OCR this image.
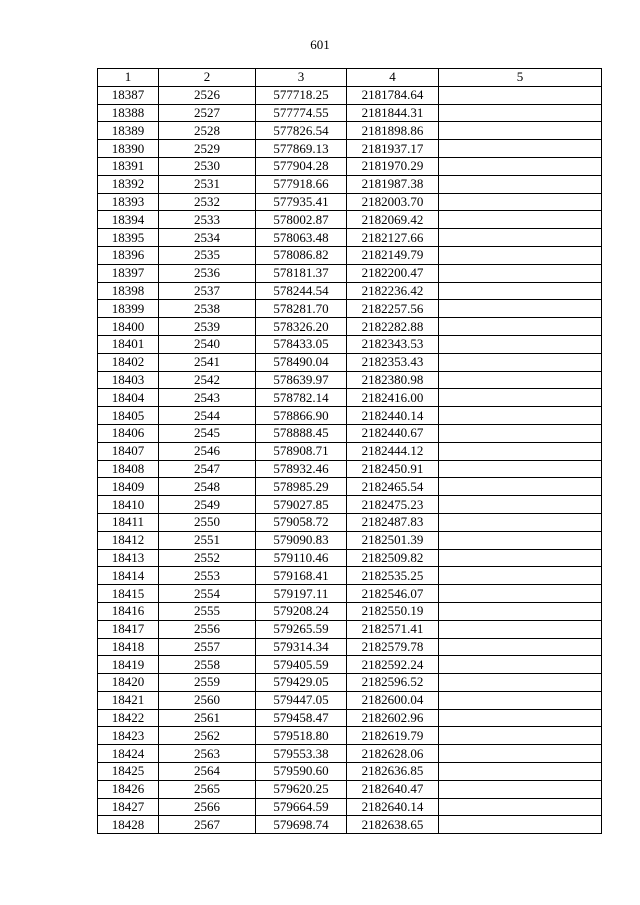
601
1	2	3	4	5
18387	2526	577718.25	2181784.64	
18388	2527	577774.55	2181844.31	
18389	2528	577826.54	2181898.86	
18390	2529	577869.13	2181937.17	
18391	2530	577904.28	2181970.29	
18392	2531	577918.66	2181987.38	
18393	2532	577935.41	2182003.70	
18394	2533	578002.87	2182069.42	
18395	2534	578063.48	2182127.66	
18396	2535	578086.82	2182149.79	
18397	2536	578181.37	2182200.47	
18398	2537	578244.54	2182236.42	
18399	2538	578281.70	2182257.56	
18400	2539	578326.20	2182282.88	
18401	2540	578433.05	2182343.53	
18402	2541	578490.04	2182353.43	
18403	2542	578639.97	2182380.98	
18404	2543	578782.14	2182416.00	
18405	2544	578866.90	2182440.14	
18406	2545	578888.45	2182440.67	
18407	2546	578908.71	2182444.12	
18408	2547	578932.46	2182450.91	
18409	2548	578985.29	2182465.54	
18410	2549	579027.85	2182475.23	
18411	2550	579058.72	2182487.83	
18412	2551	579090.83	2182501.39	
18413	2552	579110.46	2182509.82	
18414	2553	579168.41	2182535.25	
18415	2554	579197.11	2182546.07	
18416	2555	579208.24	2182550.19	
18417	2556	579265.59	2182571.41	
18418	2557	579314.34	2182579.78	
18419	2558	579405.59	2182592.24	
18420	2559	579429.05	2182596.52	
18421	2560	579447.05	2182600.04	
18422	2561	579458.47	2182602.96	
18423	2562	579518.80	2182619.79	
18424	2563	579553.38	2182628.06	
18425	2564	579590.60	2182636.85	
18426	2565	579620.25	2182640.47	
18427	2566	579664.59	2182640.14	
18428	2567	579698.74	2182638.65	
